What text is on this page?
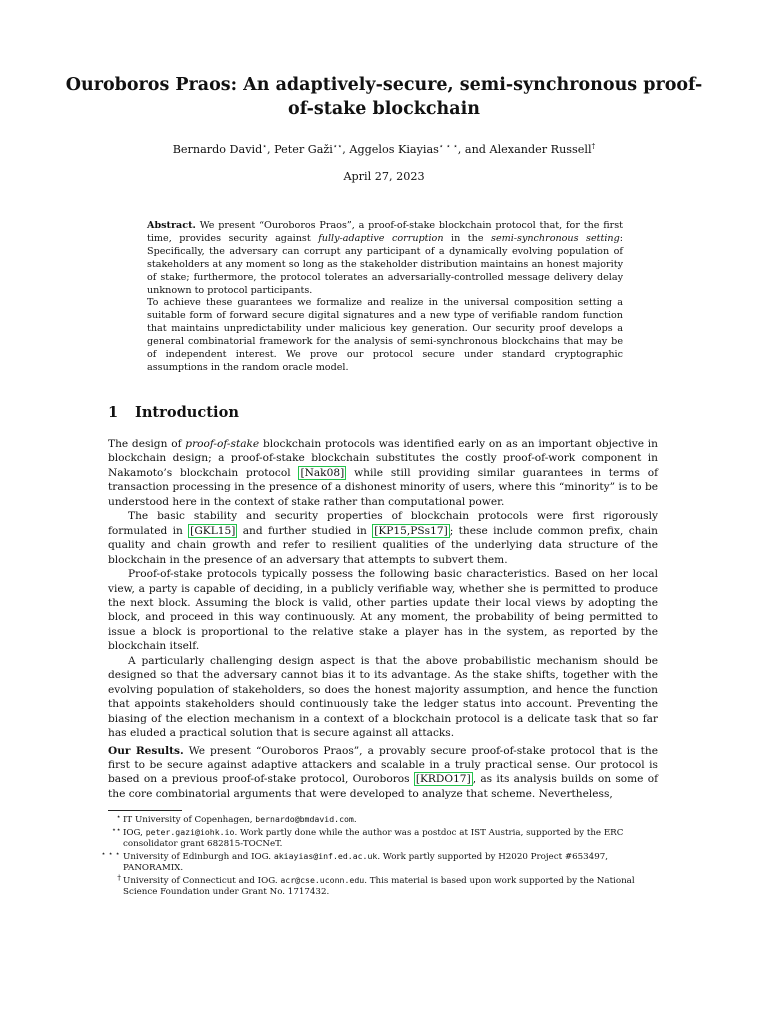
Ouroboros Praos: An adaptively-secure, semi-synchronous proof-of-stake blockchain

Bernardo David⋆, Peter Gaži⋆⋆, Aggelos Kiayias⋆ ⋆ ⋆, and Alexander Russell†

April 27, 2023

Abstract. We present “Ouroboros Praos”, a proof-of-stake blockchain protocol that, for the first time, provides security against fully-adaptive corruption in the semi-synchronous setting: Specifically, the adversary can corrupt any participant of a dynamically evolving population of stakeholders at any moment so long as the stakeholder distribution maintains an honest majority of stake; furthermore, the protocol tolerates an adversarially-controlled message delivery delay unknown to protocol participants.

To achieve these guarantees we formalize and realize in the universal composition setting a suitable form of forward secure digital signatures and a new type of verifiable random function that maintains unpredictability under malicious key generation. Our security proof develops a general combinatorial framework for the analysis of semi-synchronous blockchains that may be of independent interest. We prove our protocol secure under standard cryptographic assumptions in the random oracle model.

1 Introduction

The design of proof-of-stake blockchain protocols was identified early on as an important objective in blockchain design; a proof-of-stake blockchain substitutes the costly proof-of-work component in Nakamoto’s blockchain protocol [Nak08] while still providing similar guarantees in terms of transaction processing in the presence of a dishonest minority of users, where this “minority” is to be understood here in the context of stake rather than computational power.

The basic stability and security properties of blockchain protocols were first rigorously formulated in [GKL15] and further studied in [KP15,PSs17] ; these include common prefix, chain quality and chain growth and refer to resilient qualities of the underlying data structure of the blockchain in the presence of an adversary that attempts to subvert them.

Proof-of-stake protocols typically possess the following basic characteristics. Based on her local view, a party is capable of deciding, in a publicly verifiable way, whether she is permitted to produce the next block. Assuming the block is valid, other parties update their local views by adopting the block, and proceed in this way continuously. At any moment, the probability of being permitted to issue a block is proportional to the relative stake a player has in the system, as reported by the blockchain itself.

A particularly challenging design aspect is that the above probabilistic mechanism should be designed so that the adversary cannot bias it to its advantage. As the stake shifts, together with the evolving population of stakeholders, so does the honest majority assumption, and hence the function that appoints stakeholders should continuously take the ledger status into account. Preventing the biasing of the election mechanism in a context of a blockchain protocol is a delicate task that so far has eluded a practical solution that is secure against all attacks.

Our Results. We present “Ouroboros Praos”, a provably secure proof-of-stake protocol that is the first to be secure against adaptive attackers and scalable in a truly practical sense. Our protocol is based on a previous proof-of-stake protocol, Ouroboros [KRDO17] , as its analysis builds on some of the core combinatorial arguments that were developed to analyze that scheme. Nevertheless,

⋆ IT University of Copenhagen, bernardo@bmdavid.com.
⋆⋆ IOG, peter.gazi@iohk.io. Work partly done while the author was a postdoc at IST Austria, supported by the ERC consolidator grant 682815-TOCNeT.
⋆ ⋆ ⋆ University of Edinburgh and IOG. akiayias@inf.ed.ac.uk. Work partly supported by H2020 Project #653497, PANORAMIX.
† University of Connecticut and IOG. acr@cse.uconn.edu. This material is based upon work supported by the National Science Foundation under Grant No. 1717432.
